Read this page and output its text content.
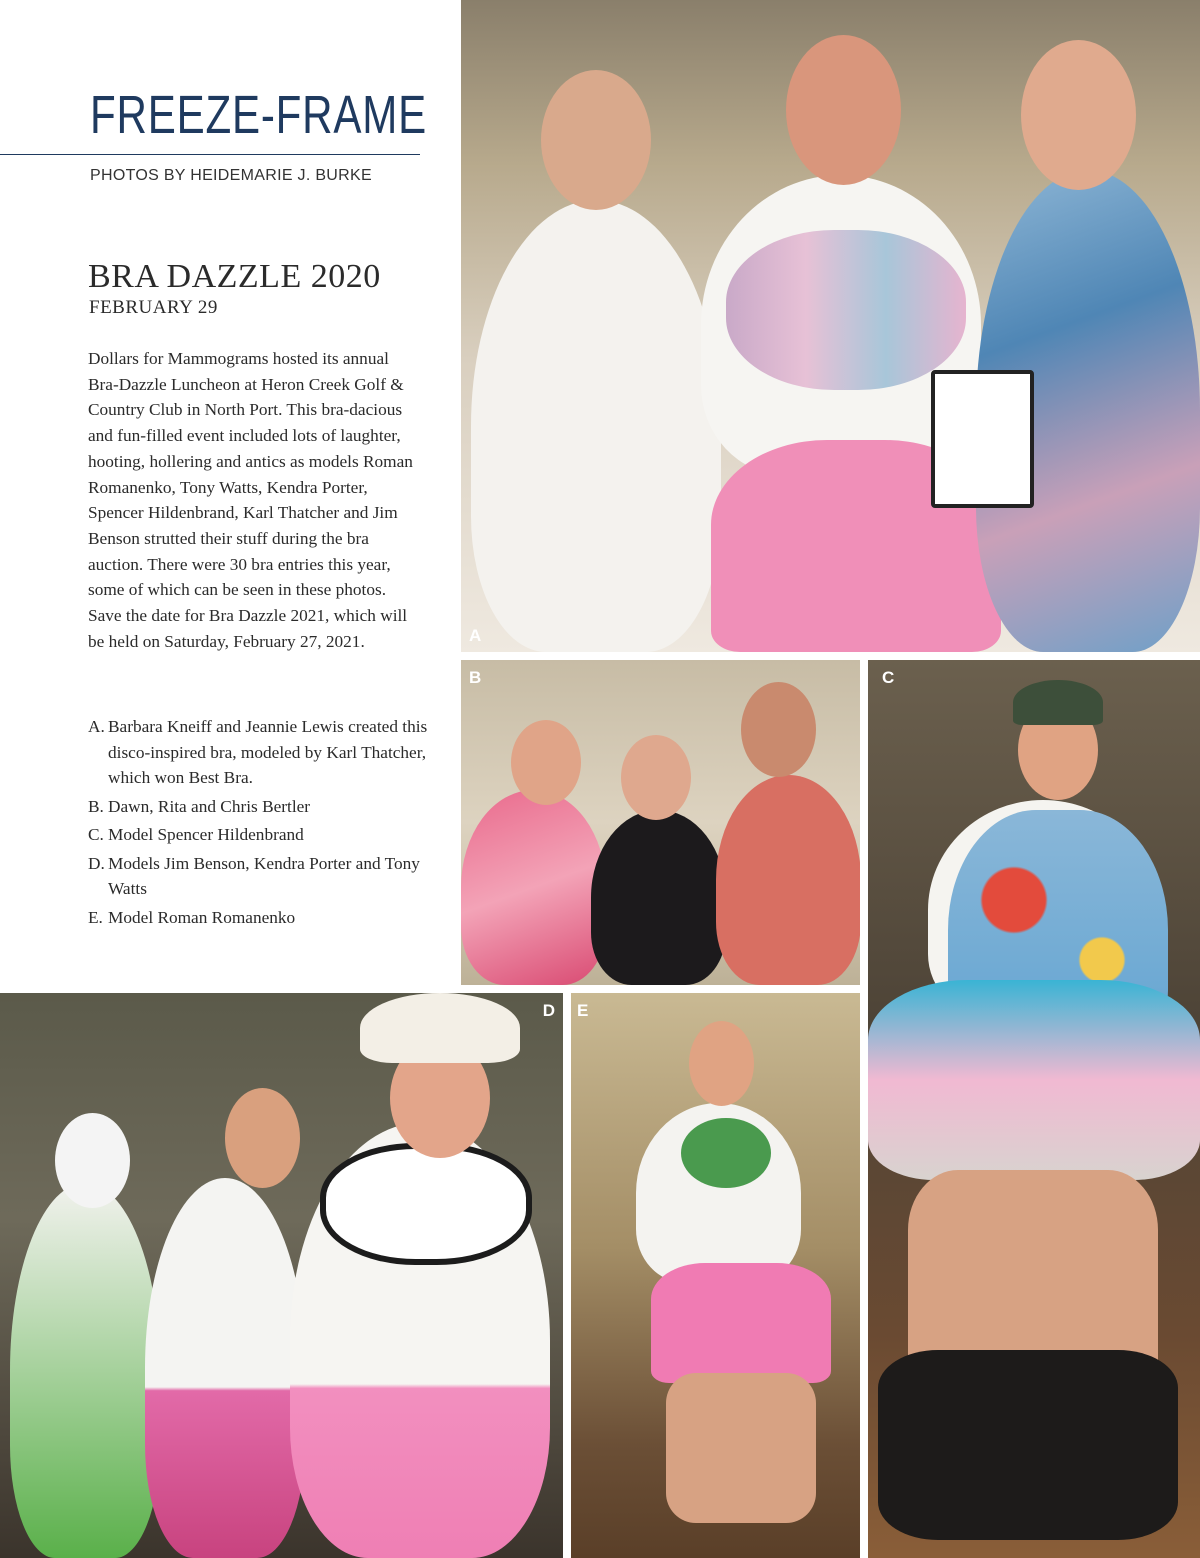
FREEZE-FRAME
PHOTOS BY HEIDEMARIE J. BURKE
BRA DAZZLE 2020
FEBRUARY 29

Dollars for Mammograms hosted its annual Bra-Dazzle Luncheon at Heron Creek Golf & Country Club in North Port. This bra-dacious and fun-filled event included lots of laughter, hooting, hollering and antics as models Roman Romanenko, Tony Watts, Kendra Porter, Spencer Hildenbrand, Karl Thatcher and Jim Benson strutted their stuff during the bra auction. There were 30 bra entries this year, some of which can be seen in these photos. Save the date for Bra Dazzle 2021, which will be held on Saturday, February 27, 2021.

A. Barbara Kneiff and Jeannie Lewis created this disco-inspired bra, modeled by Karl Thatcher, which won Best Bra.
B. Dawn, Rita and Chris Bertler
C. Model Spencer Hildenbrand
D. Models Jim Benson, Kendra Porter and Tony Watts
E. Model Roman Romanenko
A
B	C
D E
